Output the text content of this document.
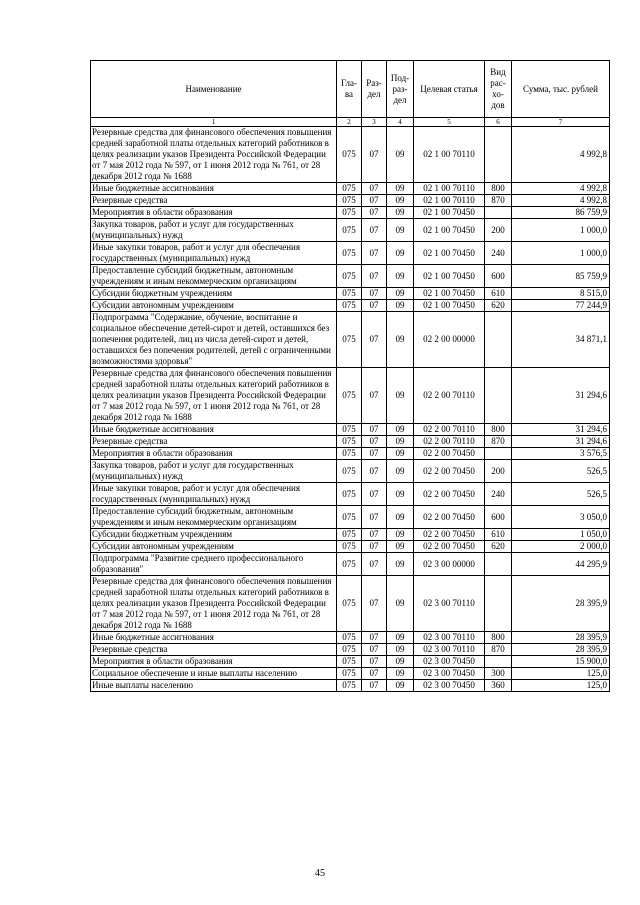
Наименование	Гла-ва	Раз-дел	Под-раз-дел	Целевая статья	Вид рас-хо-дов	Сумма, тыс. рублей
1	2	3	4	5	6	7
Резервные средства для финансового обеспечения повышения средней заработной платы отдельных категорий работников в целях реализации указов Президента Российской Федерации от 7 мая 2012 года № 597, от 1 июня 2012 года № 761, от 28 декабря 2012 года № 1688	075	07	09	02 1 00 70110		4 992,8
Иные бюджетные ассигнования	075	07	09	02 1 00 70110	800	4 992,8
Резервные средства	075	07	09	02 1 00 70110	870	4 992,8
Мероприятия в области образования	075	07	09	02 1 00 70450		86 759,9
Закупка товаров, работ и услуг для государственных (муниципальных) нужд	075	07	09	02 1 00 70450	200	1 000,0
Иные закупки товаров, работ и услуг для обеспечения государственных (муниципальных) нужд	075	07	09	02 1 00 70450	240	1 000,0
Предоставление субсидий бюджетным, автономным учреждениям и иным некоммерческим организациям	075	07	09	02 1 00 70450	600	85 759,9
Субсидии бюджетным учреждениям	075	07	09	02 1 00 70450	610	8 515,0
Субсидии автономным учреждениям	075	07	09	02 1 00 70450	620	77 244,9
Подпрограмма "Содержание, обучение, воспитание и социальное обеспечение детей-сирот и детей, оставшихся без попечения родителей, лиц из числа детей-сирот и детей, оставшихся без попечения родителей, детей с ограниченными возможностями здоровья"	075	07	09	02 2 00 00000		34 871,1
Резервные средства для финансового обеспечения повышения средней заработной платы отдельных категорий работников в целях реализации указов Президента Российской Федерации от 7 мая 2012 года № 597, от 1 июня 2012 года № 761, от 28 декабря 2012 года № 1688	075	07	09	02 2 00 70110		31 294,6
Иные бюджетные ассигнования	075	07	09	02 2 00 70110	800	31 294,6
Резервные средства	075	07	09	02 2 00 70110	870	31 294,6
Мероприятия в области образования	075	07	09	02 2 00 70450		3 576,5
Закупка товаров, работ и услуг для государственных (муниципальных) нужд	075	07	09	02 2 00 70450	200	526,5
Иные закупки товаров, работ и услуг для обеспечения государственных (муниципальных) нужд	075	07	09	02 2 00 70450	240	526,5
Предоставление субсидий бюджетным, автономным учреждениям и иным некоммерческим организациям	075	07	09	02 2 00 70450	600	3 050,0
Субсидии бюджетным учреждениям	075	07	09	02 2 00 70450	610	1 050,0
Субсидии автономным учреждениям	075	07	09	02 2 00 70450	620	2 000,0
Подпрограмма "Развитие среднего профессионального образования"	075	07	09	02 3 00 00000		44 295,9
Резервные средства для финансового обеспечения повышения средней заработной платы отдельных категорий работников в целях реализации указов Президента Российской Федерации от 7 мая 2012 года № 597, от 1 июня 2012 года № 761, от 28 декабря 2012 года № 1688	075	07	09	02 3 00 70110		28 395,9
Иные бюджетные ассигнования	075	07	09	02 3 00 70110	800	28 395,9
Резервные средства	075	07	09	02 3 00 70110	870	28 395,9
Мероприятия в области образования	075	07	09	02 3 00 70450		15 900,0
Социальное обеспечение и иные выплаты населению	075	07	09	02 3 00 70450	300	125,0
Иные выплаты населению	075	07	09	02 3 00 70450	360	125,0
45
